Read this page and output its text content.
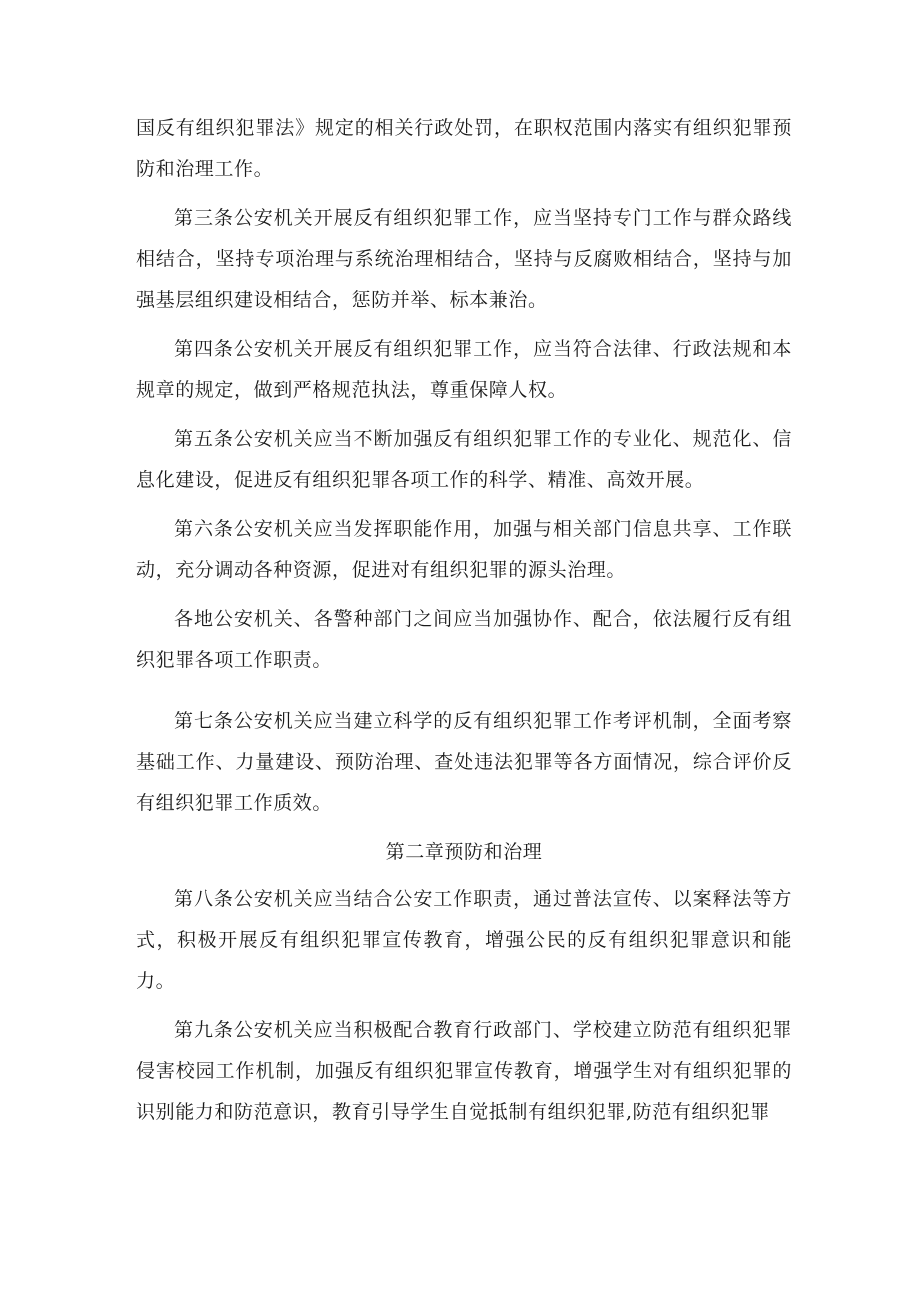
国反有组织犯罪法》规定的相关行政处罚，在职权范围内落实有组织犯罪预防和治理工作。

第三条公安机关开展反有组织犯罪工作，应当坚持专门工作与群众路线相结合，坚持专项治理与系统治理相结合，坚持与反腐败相结合，坚持与加强基层组织建设相结合，惩防并举、标本兼治。

第四条公安机关开展反有组织犯罪工作，应当符合法律、行政法规和本规章的规定，做到严格规范执法，尊重保障人权。

第五条公安机关应当不断加强反有组织犯罪工作的专业化、规范化、信息化建设，促进反有组织犯罪各项工作的科学、精准、高效开展。

第六条公安机关应当发挥职能作用，加强与相关部门信息共享、工作联动，充分调动各种资源，促进对有组织犯罪的源头治理。

各地公安机关、各警种部门之间应当加强协作、配合，依法履行反有组织犯罪各项工作职责。

第七条公安机关应当建立科学的反有组织犯罪工作考评机制，全面考察基础工作、力量建设、预防治理、查处违法犯罪等各方面情况，综合评价反有组织犯罪工作质效。

第二章预防和治理

第八条公安机关应当结合公安工作职责，通过普法宣传、以案释法等方式，积极开展反有组织犯罪宣传教育，增强公民的反有组织犯罪意识和能力。

第九条公安机关应当积极配合教育行政部门、学校建立防范有组织犯罪侵害校园工作机制，加强反有组织犯罪宣传教育，增强学生对有组织犯罪的识别能力和防范意识，教育引导学生自觉抵制有组织犯罪,防范有组织犯罪
